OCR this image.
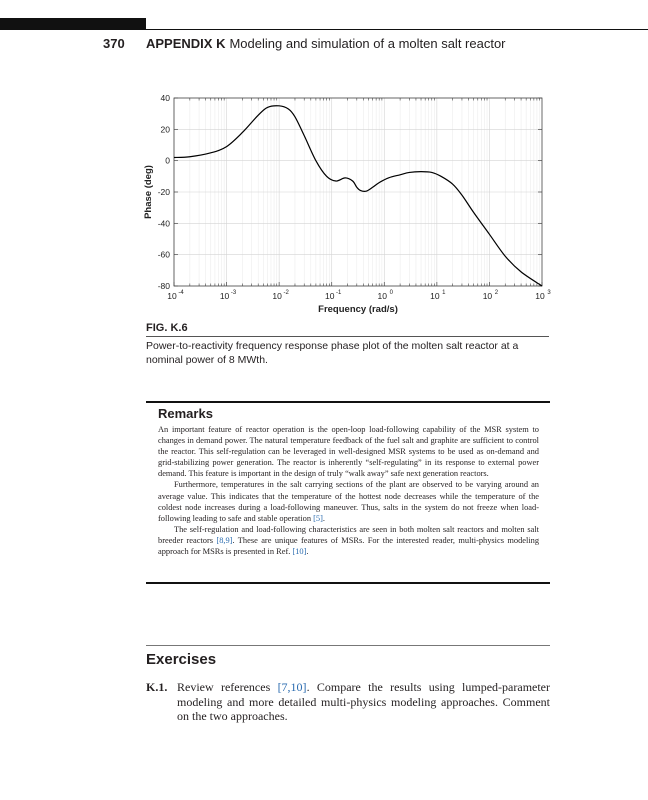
370 APPENDIX K Modeling and simulation of a molten salt reactor
10 -4	10 -3	10 -2	10 -1	10 0	10 1	10 2	10 3
40
20
0
-20
-40
-60
-80
Frequency (rad/s)
Phase (deg)
FIG. K.6
Power-to-reactivity frequency response phase plot of the molten salt reactor at a nominal power of 8 MWth.
Remarks

An important feature of reactor operation is the open-loop load-following capability of the MSR system to changes in demand power. The natural temperature feedback of the fuel salt and graphite are sufficient to control the reactor. This self-regulation can be leveraged in well-designed MSR systems to be used as on-demand and grid-stabilizing power generation. The reactor is inherently “self-regulating” in its response to external power demand. This feature is important in the design of truly “walk away” safe next generation reactors.

Furthermore, temperatures in the salt carrying sections of the plant are observed to be varying around an average value. This indicates that the temperature of the hottest node decreases while the temperature of the coldest node increases during a load-following maneuver. Thus, salts in the system do not freeze when load-following leading to safe and stable operation [5].

The self-regulation and load-following characteristics are seen in both molten salt reactors and molten salt breeder reactors [8,9]. These are unique features of MSRs. For the interested reader, multi-physics modeling approach for MSRs is presented in Ref. [10].

Exercises
K.1. Review references [7,10]. Compare the results using lumped-parameter modeling and more detailed multi-physics modeling approaches. Comment on the two approaches.
